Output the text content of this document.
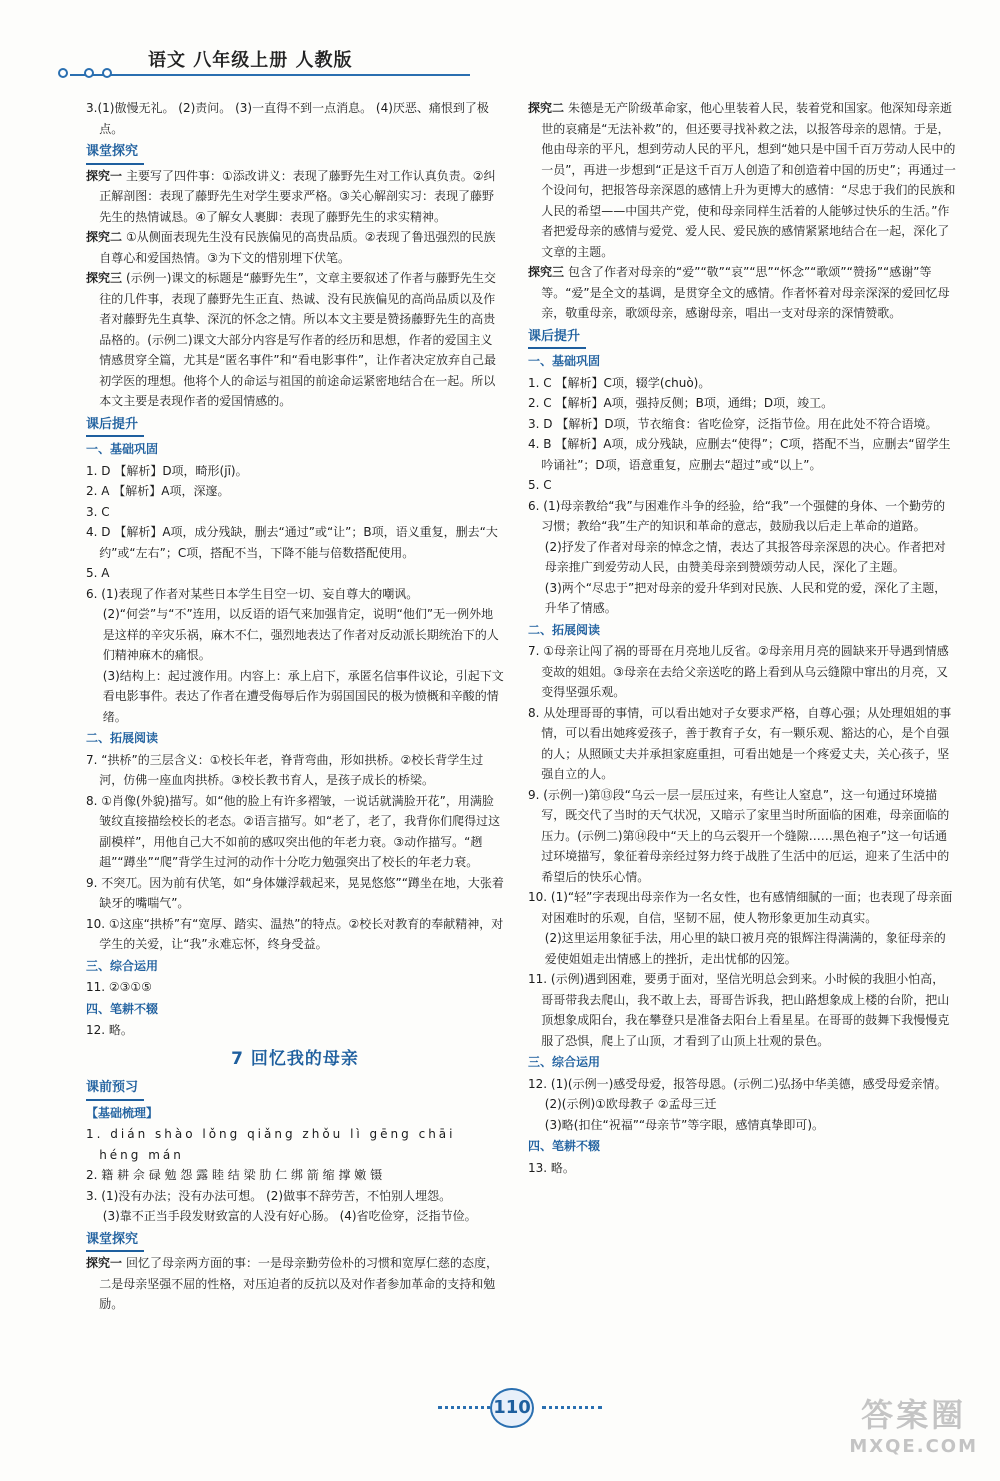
语文 八年级上册 人教版
3.(1)傲慢无礼。 (2)责问。 (3)一直得不到一点消息。 (4)厌恶、痛恨到了极点。
课堂探究
探究一 主要写了四件事：①添改讲义：表现了藤野先生对工作认真负责。②纠正解剖图：表现了藤野先生对学生要求严格。③关心解剖实习：表现了藤野先生的热情诚恳。④了解女人裹脚：表现了藤野先生的求实精神。
探究二 ①从侧面表现先生没有民族偏见的高贵品质。②表现了鲁迅强烈的民族自尊心和爱国热情。③为下文的惜别埋下伏笔。
探究三 (示例一)课文的标题是“藤野先生”，文章主要叙述了作者与藤野先生交往的几件事，表现了藤野先生正直、热诚、没有民族偏见的高尚品质以及作者对藤野先生真挚、深沉的怀念之情。所以本文主要是赞扬藤野先生的高贵品格的。(示例二)课文大部分内容是写作者的经历和思想，作者的爱国主义情感贯穿全篇，尤其是“匿名事件”和“看电影事件”，让作者决定放弃自己最初学医的理想。他将个人的命运与祖国的前途命运紧密地结合在一起。所以本文主要是表现作者的爱国情感的。
课后提升
一、基础巩固
1. D 【解析】D项，畸形(jī)。
2. A 【解析】A项，深邃。
3. C
4. D 【解析】A项，成分残缺，删去“通过”或“让”；B项，语义重复，删去“大约”或“左右”；C项，搭配不当，下降不能与倍数搭配使用。
5. A
6. (1)表现了作者对某些日本学生目空一切、妄自尊大的嘲讽。
(2)“何尝”与“不”连用，以反语的语气来加强肯定，说明“他们”无一例外地是这样的辛灾乐祸，麻木不仁，强烈地表达了作者对反动派长期统治下的人们精神麻木的痛恨。
(3)结构上：起过渡作用。内容上：承上启下，承匿名信事件议论，引起下文看电影事件。表达了作者在遭受侮辱后作为弱国国民的极为愤概和辛酸的情绪。
二、拓展阅读
7. “拱桥”的三层含义：①校长年老，脊背弯曲，形如拱桥。②校长背学生过河，仿佛一座血肉拱桥。③校长教书育人，是孩子成长的桥梁。
8. ①肖像(外貌)描写。如“他的脸上有许多褶皱，一说话就满脸开花”，用满脸皱纹直接描绘校长的老态。②语言描写。如“老了，老了，我背你们爬得过这副模样”，用他自己大不如前的感叹突出他的年老力衰。③动作描写。“趔趄”“蹲坐”“爬”背学生过河的动作十分吃力勉强突出了校长的年老力衰。
9. 不突兀。因为前有伏笔，如“身体嫌浮载起来，晃晃悠悠”“蹲坐在地，大张着缺牙的嘴喘气”。
10. ①这座“拱桥”有“宽厚、踏实、温热”的特点。②校长对教育的奉献精神，对学生的关爱，让“我”永难忘怀，终身受益。
三、综合运用
11. ②③①⑤
四、笔耕不辍
12. 略。
7 回忆我的母亲
课前预习
【基础梳理】
1. dián shào lǒng qiǎng zhǒu lì gēng chāi héng mán
2. 籍 耕 佘 碌 勉 怨 露 睦 结 梁 肋 仁 绑 箭 缩 撑 嫩 镊
3. (1)没有办法；没有办法可想。 (2)做事不辞劳苦，不怕别人埋怨。
(3)靠不正当手段发财致富的人没有好心肠。 (4)省吃俭穿，泛指节俭。
课堂探究
探究一 回忆了母亲两方面的事：一是母亲勤劳俭朴的习惯和宽厚仁慈的态度，二是母亲坚强不屈的性格，对压迫者的反抗以及对作者参加革命的支持和勉励。
探究二 朱德是无产阶级革命家，他心里装着人民，装着党和国家。他深知母亲逝世的哀痛是“无法补救”的，但还要寻找补救之法，以报答母亲的恩情。于是，他由母亲的平凡，想到劳动人民的平凡，想到“她只是中国千百万劳动人民中的一员”，再进一步想到“正是这千百万人创造了和创造着中国的历史”；再通过一个设问句，把报答母亲深恩的感情上升为更博大的感情：“尽忠于我们的民族和人民的希望——中国共产党，使和母亲同样生活着的人能够过快乐的生活。”作者把爱母亲的感情与爱党、爱人民、爱民族的感情紧紧地结合在一起，深化了文章的主题。
探究三 包含了作者对母亲的“爱”“敬”“哀”“思”“怀念”“歌颂”“赞扬”“感谢”等等。“爱”是全文的基调，是贯穿全文的感情。作者怀着对母亲深深的爱回忆母亲，敬重母亲，歌颂母亲，感谢母亲，唱出一支对母亲的深情赞歌。
课后提升
一、基础巩固
1. C 【解析】C项，辍学(chuò)。
2. C 【解析】A项，强持反侧；B项，通缉；D项，竣工。
3. D 【解析】D项，节衣缩食：省吃俭穿，泛指节俭。用在此处不符合语境。
4. B 【解析】A项，成分残缺，应删去“使得”；C项，搭配不当，应删去“留学生吟诵社”；D项，语意重复，应删去“超过”或“以上”。
5. C
6. (1)母亲教给“我”与困难作斗争的经验，给“我”一个强健的身体、一个勤劳的习惯；教给“我”生产的知识和革命的意志，鼓励我以后走上革命的道路。
(2)抒发了作者对母亲的悼念之情，表达了其报答母亲深恩的决心。作者把对母亲推广到爱劳动人民，由赞美母亲到赞颂劳动人民，深化了主题。
(3)两个“尽忠于”把对母亲的爱升华到对民族、人民和党的爱，深化了主题，升华了情感。
二、拓展阅读
7. ①母亲让闯了祸的哥哥在月亮地儿反省。②母亲用月亮的圆缺来开导遇到情感变故的姐姐。③母亲在去给父亲送吃的路上看到从乌云缝隙中窜出的月亮，又变得坚强乐观。
8. 从处理哥哥的事情，可以看出她对子女要求严格，自尊心强；从处理姐姐的事情，可以看出她疼爱孩子，善于教育子女，有一颗乐观、豁达的心，是个自强的人；从照顾丈夫并承担家庭重担，可看出她是一个疼爱丈夫，关心孩子，坚强自立的人。
9. (示例一)第⑬段“乌云一层一层压过来，有些让人窒息”，这一句通过环境描写，既交代了当时的天气状况，又暗示了家里当时所面临的困难，母亲面临的压力。(示例二)第⑭段中“天上的乌云裂开一个缝隙……黑色袍子”这一句话通过环境描写，象征着母亲经过努力终于战胜了生活中的厄运，迎来了生活中的希望后的快乐心情。
10. (1)“轻”字表现出母亲作为一名女性，也有感情细腻的一面；也表现了母亲面对困难时的乐观，自信，坚韧不屈，使人物形象更加生动真实。
(2)这里运用象征手法，用心里的缺口被月亮的银辉注得满满的，象征母亲的爱使姐姐走出情感上的挫折，走出忧郁的囚笼。
11. (示例)遇到困难，要勇于面对，坚信光明总会到来。小时候的我胆小怕高，哥哥带我去爬山，我不敢上去，哥哥告诉我，把山路想象成上楼的台阶，把山顶想象成阳台，我在攀登只是准备去阳台上看星星。在哥哥的鼓舞下我慢慢克服了恐惧，爬上了山顶，才看到了山顶上壮观的景色。
三、综合运用
12. (1)(示例一)感受母爱，报答母恩。(示例二)弘扬中华美德，感受母爱亲情。
(2)(示例)①欧母教子 ②孟母三迁
(3)略(扣住“祝福”“母亲节”等字眼，感情真挚即可)。
四、笔耕不辍
13. 略。
110	答案圈
MXQE.COM
